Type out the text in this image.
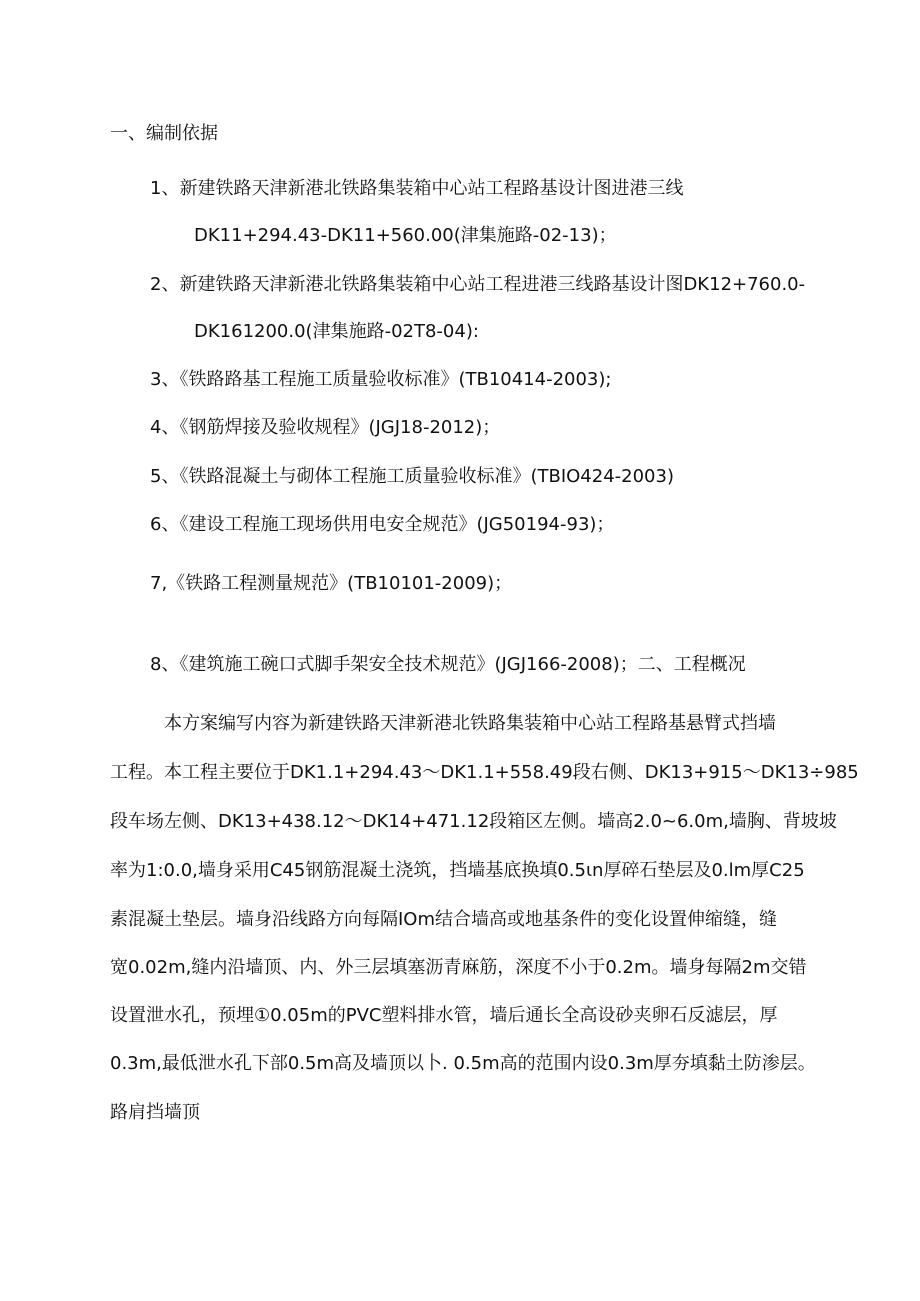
一、编制依据
1、新建铁路天津新港北铁路集装箱中心站工程路基设计图进港三线
DK11+294.43-DK11+560.00(津集施路-02-13)；
2、新建铁路天津新港北铁路集装箱中心站工程进港三线路基设计图DK12+760.0-
DK161200.0(津集施路-02T8-04):
3、《铁路路基工程施工质量验收标准》(TB10414-2003);
4、《钢筋焊接及验收规程》(JGJ18-2012)；
5、《铁路混凝土与砌体工程施工质量验收标准》(TBIO424-2003)
6、《建设工程施工现场供用电安全规范》(JG50194-93)；
7,《铁路工程测量规范》(TB10101-2009)；
8、《建筑施工碗口式脚手架安全技术规范》(JGJ166-2008)；二、工程概况
本方案编写内容为新建铁路天津新港北铁路集装箱中心站工程路基悬臂式挡墙
工程。本工程主要位于DK1.1+294.43～DK1.1+558.49段右侧、DK13+915～DK13÷985
段车场左侧、DK13+438.12～DK14+471.12段箱区左侧。墙高2.0~6.0m,墙胸、背坡坡
率为1:0.0,墙身采用C45钢筋混凝土浇筑，挡墙基底换填0.5ιn厚碎石垫层及0.lm厚C25
素混凝土垫层。墙身沿线路方向每隔IOm结合墙高或地基条件的变化设置伸缩缝，缝
宽0.02m,缝内沿墙顶、内、外三层填塞沥青麻筋，深度不小于0.2m。墙身每隔2m交错
设置泄水孔，预埋①0.05m的PVC塑料排水管，墙后通长全高设砂夹卵石反滤层，厚
0.3m,最低泄水孔下部0.5m高及墙顶以卜. 0.5m高的范围内设0.3m厚夯填黏土防渗层。
路肩挡墙顶
